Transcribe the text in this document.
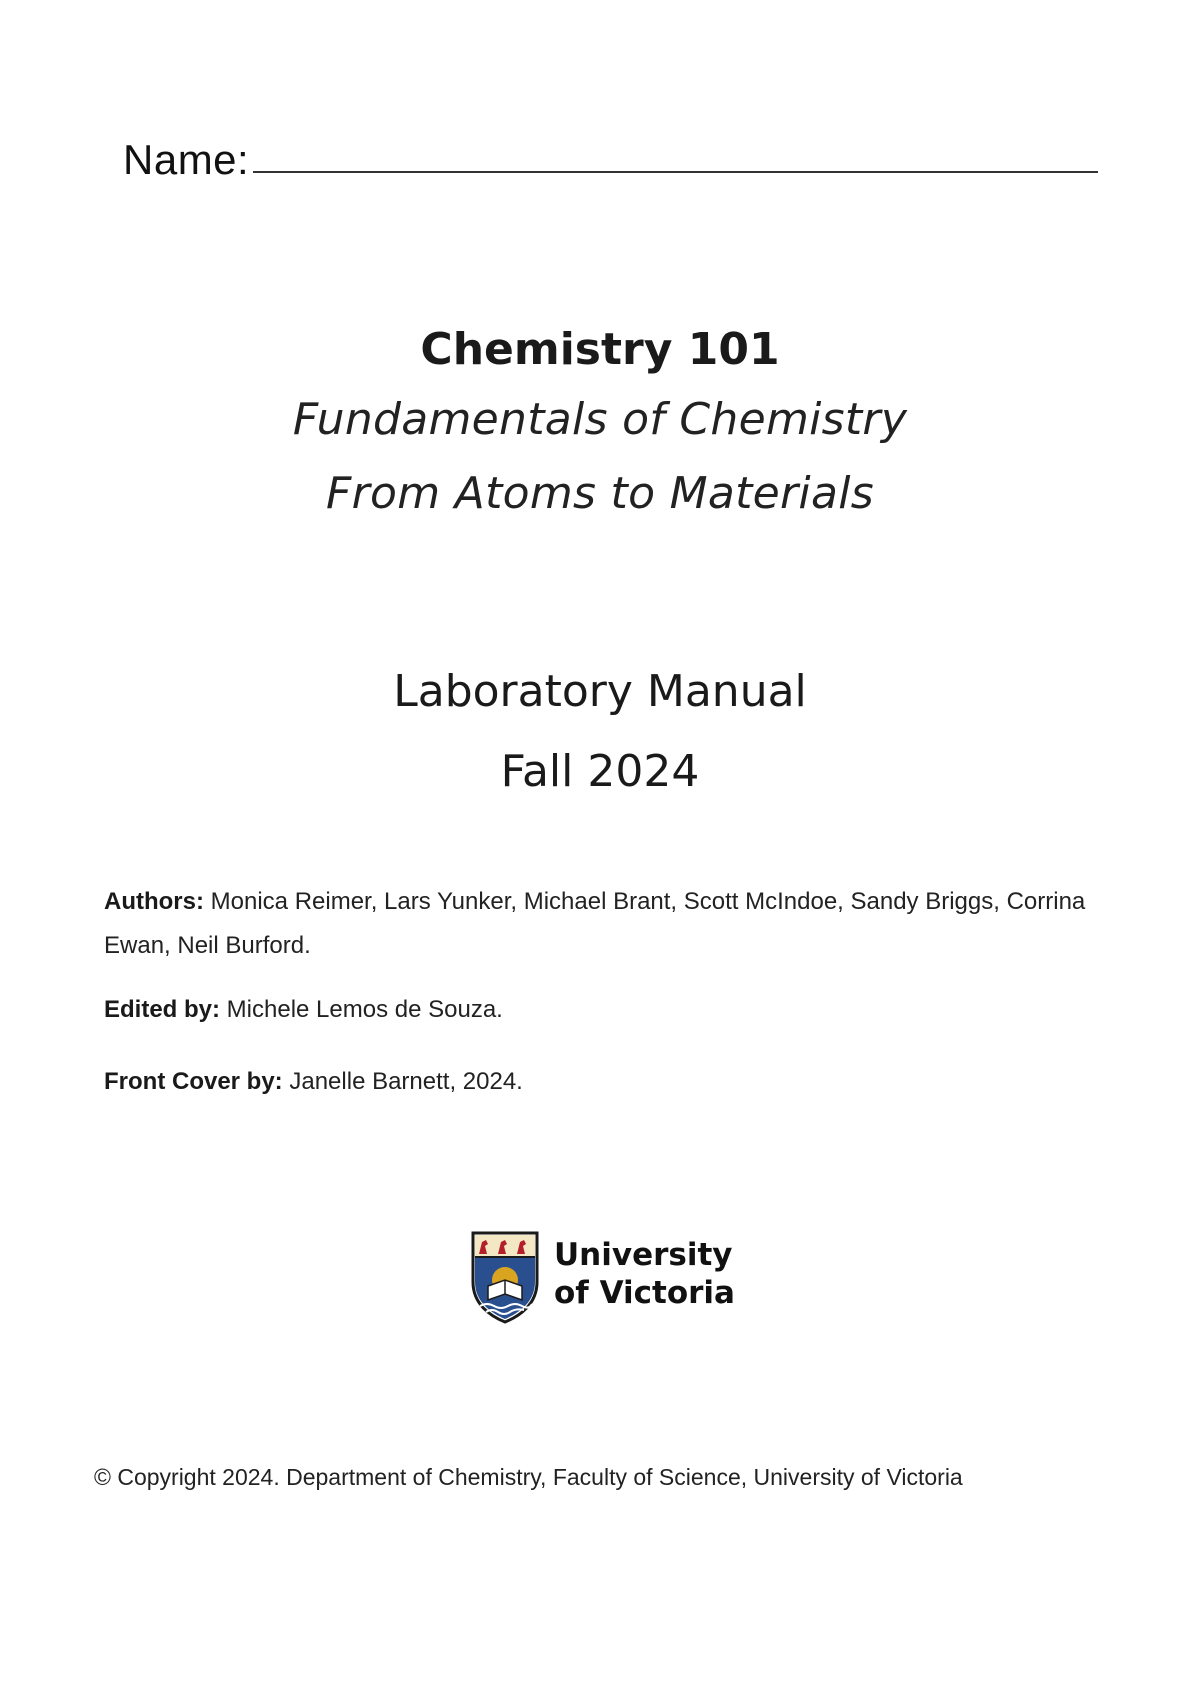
Name:
Chemistry 101

Fundamentals of Chemistry

From Atoms to Materials

Laboratory Manual

Fall 2024

Authors: Monica Reimer, Lars Yunker, Michael Brant, Scott McIndoe, Sandy Briggs, Corrina Ewan, Neil Burford.

Edited by: Michele Lemos de Souza.

Front Cover by: Janelle Barnett, 2024.

University
of Victoria
© Copyright 2024. Department of Chemistry, Faculty of Science, University of Victoria
